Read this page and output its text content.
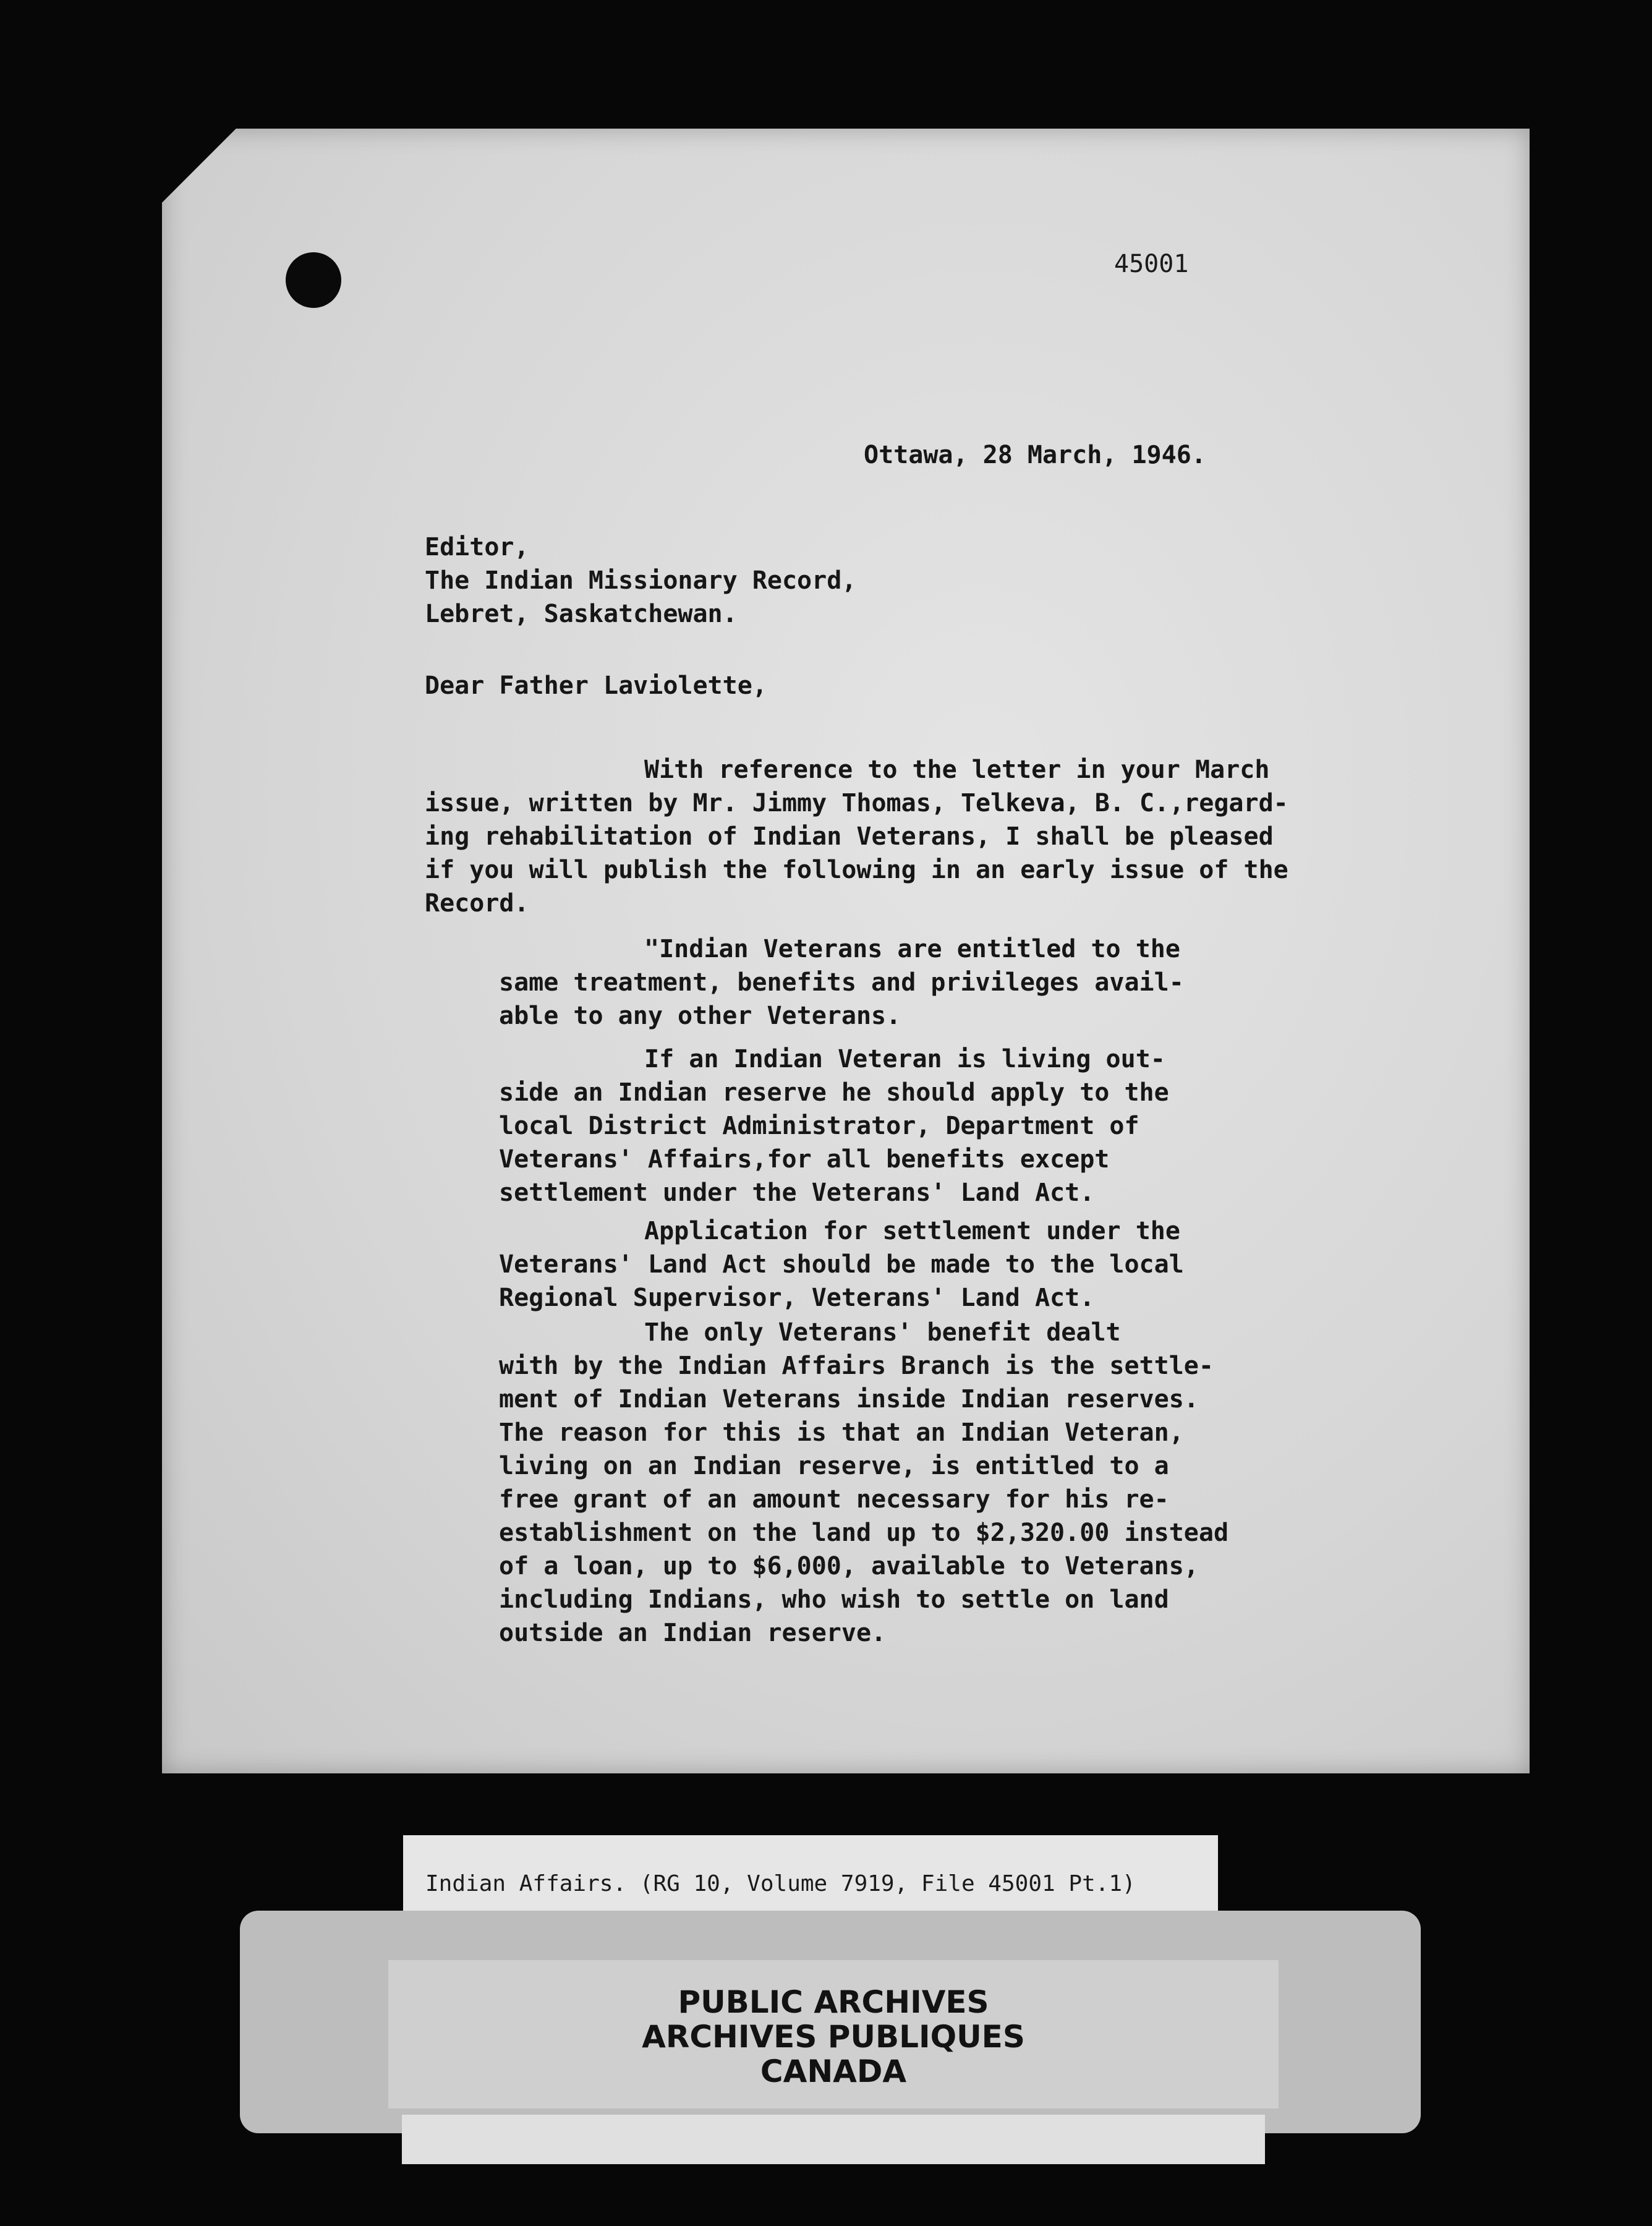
45001
Ottawa, 28 March, 1946.
Editor,
The Indian Missionary Record,
Lebret, Saskatchewan.
Dear Father Laviolette,
With reference to the letter in your March
issue, written by Mr. Jimmy Thomas, Telkeva, B. C.,regard-
ing rehabilitation of Indian Veterans, I shall be pleased
if you will publish the following in an early issue of the
Record.
"Indian Veterans are entitled to the
same treatment, benefits and privileges avail-
able to any other Veterans.
If an Indian Veteran is living out-
side an Indian reserve he should apply to the
local District Administrator, Department of
Veterans' Affairs,for all benefits except
settlement under the Veterans' Land Act.
Application for settlement under the
Veterans' Land Act should be made to the local
Regional Supervisor, Veterans' Land Act.
The only Veterans' benefit dealt
with by the Indian Affairs Branch is the settle-
ment of Indian Veterans inside Indian reserves.
The reason for this is that an Indian Veteran,
living on an Indian reserve, is entitled to a
free grant of an amount necessary for his re-
establishment on the land up to $2,320.00 instead
of a loan, up to $6,000, available to Veterans,
including Indians, who wish to settle on land
outside an Indian reserve.
Indian Affairs. (RG 10, Volume 7919, File 45001 Pt.1)
PUBLIC ARCHIVES
ARCHIVES PUBLIQUES
CANADA
